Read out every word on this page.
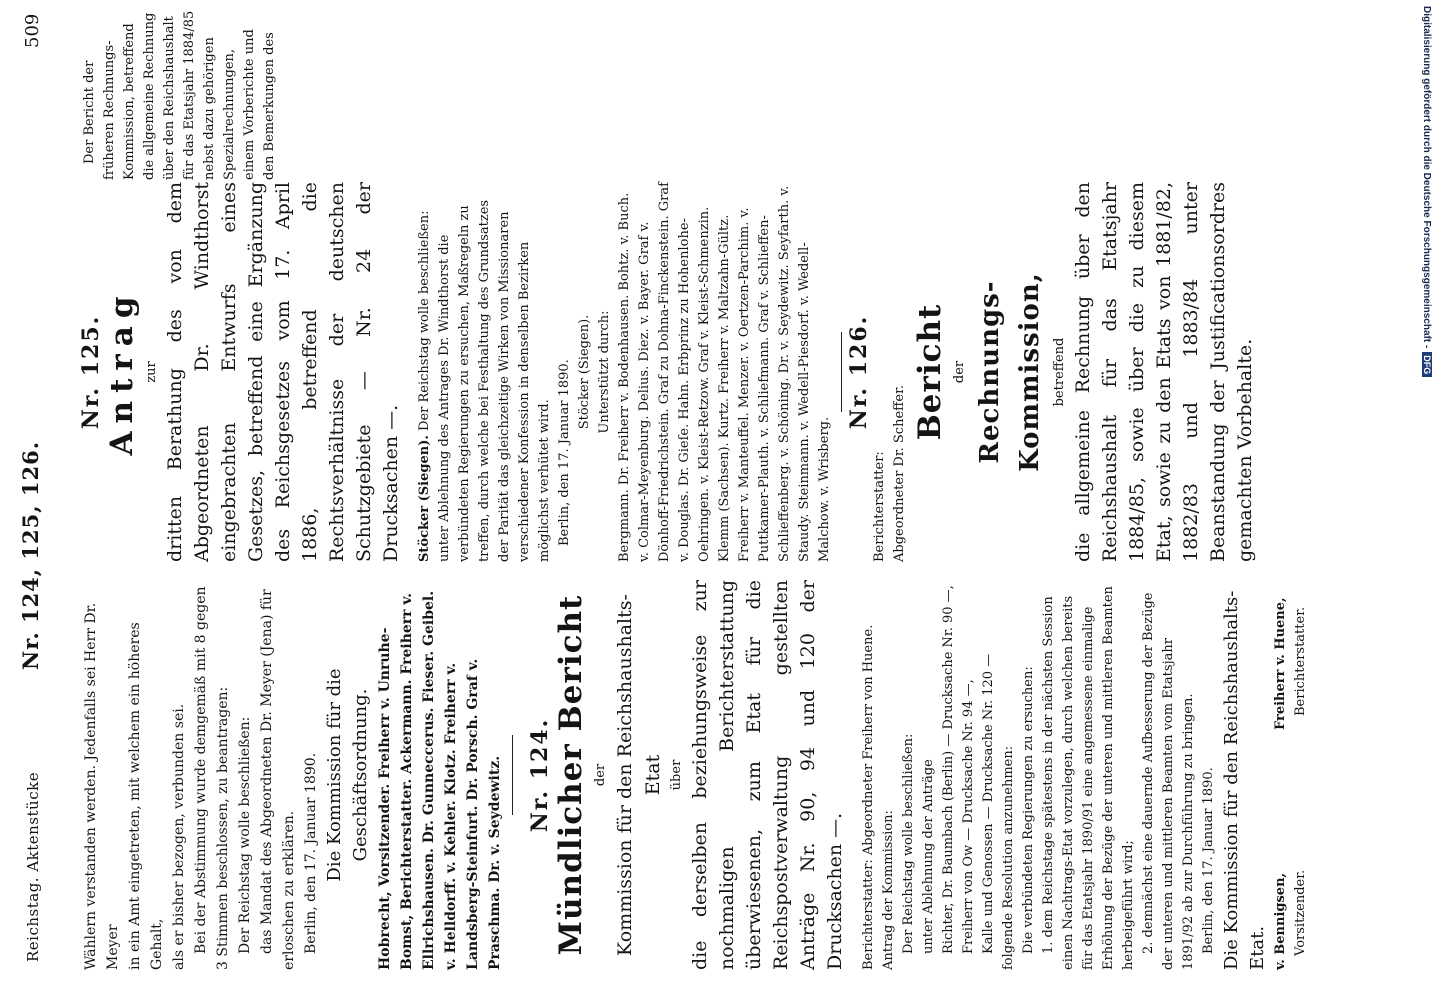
Reichstag. Aktenstücke
Nr. 124, 125, 126.
509

Wählern verstanden werden. Jedenfalls sei Herr Dr. Meyer in ein Amt eingetreten, mit welchem ein höheres Gehalt, als er bisher bezogen, verbunden sei. Bei der Abstimmung wurde demgemäß mit 8 gegen 3 Stimmen beschlossen, zu beantragen: Der Reichstag wolle beschließen: das Mandat des Abgeordneten Dr. Meyer (Jena) für erloschen zu erklären. Berlin, den 17. Januar 1890. Die Kommission für die Geschäftsordnung. Hobrecht, Vorsitzender. Freiherr v. Unruhe-Bomst, Berichterstatter. Ackermann. Freiherr v. Ellrichshausen. Dr. Gunneccerus. Fieser. Geibel. v. Helldorff. v. Kehler. Klotz. Freiherr v. Landsberg-Steinfurt. Dr. Porsch. Graf v. Praschma. Dr. v. Seydewitz. Nr. 124. Mündlicher Bericht der Kommission für den Reichshaushalts-Etat über die derselben beziehungsweise zur nochmaligen Berichterstattung überwiesenen, zum Etat für die Reichspostverwaltung gestellten Anträge Nr. 90, 94 und 120 der Drucksachen —. Berichterstatter: Abgeordneter Freiherr von Huene. Antrag der Kommission: Der Reichstag wolle beschließen: unter Ablehnung der Anträge Richter, Dr. Baumbach (Berlin) — Drucksache Nr. 90 —, Freiherr von Ow — Drucksache Nr. 94 —, Kalle und Genossen — Drucksache Nr. 120 — folgende Resolution anzunehmen: Die verbündeten Regierungen zu ersuchen: 1. dem Reichstage spätestens in der nächsten Session einen Nachtrags-Etat vorzulegen, durch welchen bereits für das Etatsjahr 1890/91 eine angemessene einmalige Erhöhung der Bezüge der unteren und mittleren Beamten herbeigeführt wird; 2. demnächst eine dauernde Aufbesserung der Bezüge der unteren und mittleren Beamten vom Etatsjahr 1891/92 ab zur Durchführung zu bringen. Berlin, den 17. Januar 1890. Die Kommission für den Reichshaushalts-Etat. v. Bennigsen, Vorsitzender.
Freiherr v. Huene, Berichterstatter.

Nr. 125. Antrag zur dritten Berathung des von dem Abgeordneten Dr. Windthorst eingebrachten Entwurfs eines Gesetzes, betreffend eine Ergänzung des Reichsgesetzes vom 17. April 1886, betreffend die Rechtsverhältnisse der deutschen Schutzgebiete — Nr. 24 der Drucksachen —. Stöcker (Siegen). Der Reichstag wolle beschließen: unter Ablehnung des Antrages Dr. Windthorst die verbündeten Regierungen zu ersuchen, Maßregeln zu treffen, durch welche bei Festhaltung des Grundsatzes der Parität das gleichzeitige Wirken von Missionaren verschiedener Konfession in denselben Bezirken möglichst verhütet wird. Berlin, den 17. Januar 1890. Stöcker (Siegen). Unterstützt durch: Bergmann. Dr. Freiherr v. Bodenhausen. Bohtz. v. Buch. v. Colmar-Meyenburg. Delius. Diez. v. Bayer. Graf v. Dönhoff-Friedrichstein. Graf zu Dohna-Finckenstein. Graf v. Douglas. Dr. Gieſe. Hahn. Erbprinz zu Hohenlohe-Oehringen. v. Kleist-Retzow. Graf v. Kleist-Schmenzin. Klemm (Sachsen). Kurtz. Freiherr v. Maltzahn-Gültz. Freiherr v. Manteuffel. Menzer. v. Oertzen-Parchim. v. Puttkamer-Plauth. v. Schliefmann. Graf v. Schlieffen-Schlieffenberg. v. Schöning. Dr. v. Seydewitz. Seyfarth. v. Staudy. Steinmann. v. Wedell-Piesdorf. v. Wedell-Malchow. v. Wrisberg.

Nr. 126.

Berichterstatter: Abgeordneter Dr. Scheffer.

Bericht der Rechnungs-Kommission, betreffend die allgemeine Rechnung über den Reichshaushalt für das Etatsjahr 1884/85, sowie über die zu diesem Etat, sowie zu den Etats von 1881/82, 1882/83 und 1883/84 unter Beanstandung der Justificationsordres gemachten Vorbehalte.

Der Bericht der früheren Rechnungs-Kommission, betreffend die allgemeine Rechnung über den Reichshaushalt für das Etatsjahr 1884/85 nebst dazu gehörigen Spezialrechnungen, einem Vorberichte und den Bemerkungen des	Digitalisierung gefördert durch die Deutsche Forschungsgemeinschaft -DFG
